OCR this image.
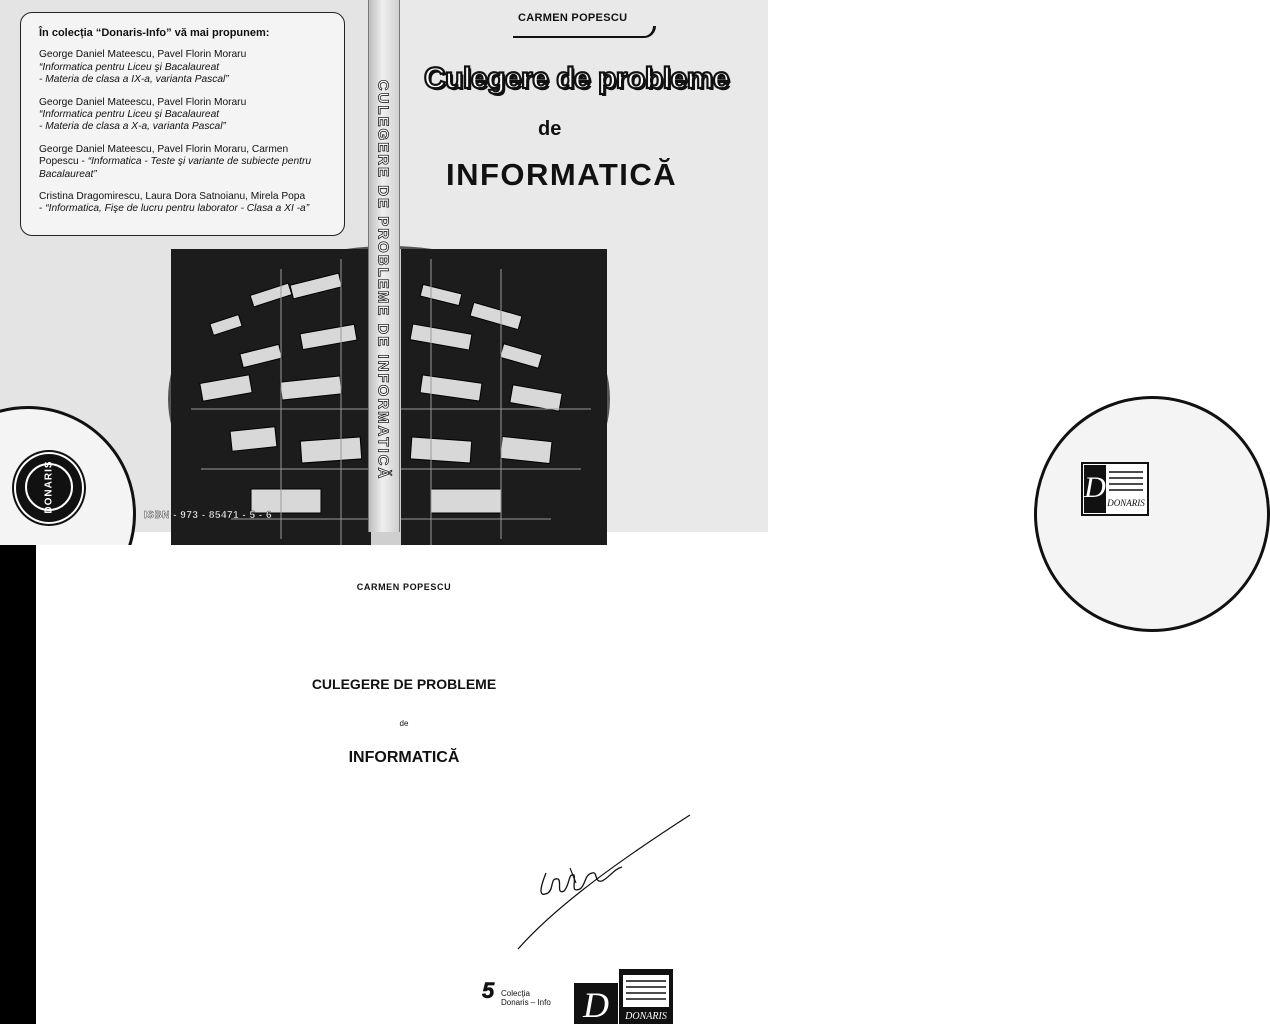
În colecția “Donaris-Info” vă mai propunem:
George Daniel Mateescu, Pavel Florin Moraru
“Informatica pentru Liceu şi Bacalaureat
- Materia de clasa a IX-a, varianta Pascal”
George Daniel Mateescu, Pavel Florin Moraru
“Informatica pentru Liceu şi Bacalaureat
- Materia de clasa a X-a, varianta Pascal”
George Daniel Mateescu, Pavel Florin Moraru, Carmen
Popescu - “Informatica - Teste şi variante de subiecte pentru
Bacalaureat”
Cristina Dragomirescu, Laura Dora Satnoianu, Mirela Popa
- “Informatica, Fişe de lucru pentru laborator - Clasa a XI -a”
DONARIS
CARMEN POPESCU
Culegere de probleme
de
INFORMATICĂ
D DONARIS
ISBN - 973 - 85471 - 5 - 6
CULEGERE DE PROBLEME DE INFORMATICĂ
CARMEN POPESCU
CULEGERE DE PROBLEME
de
INFORMATICĂ
5 Colecţia
Donaris – Info D DONARIS
